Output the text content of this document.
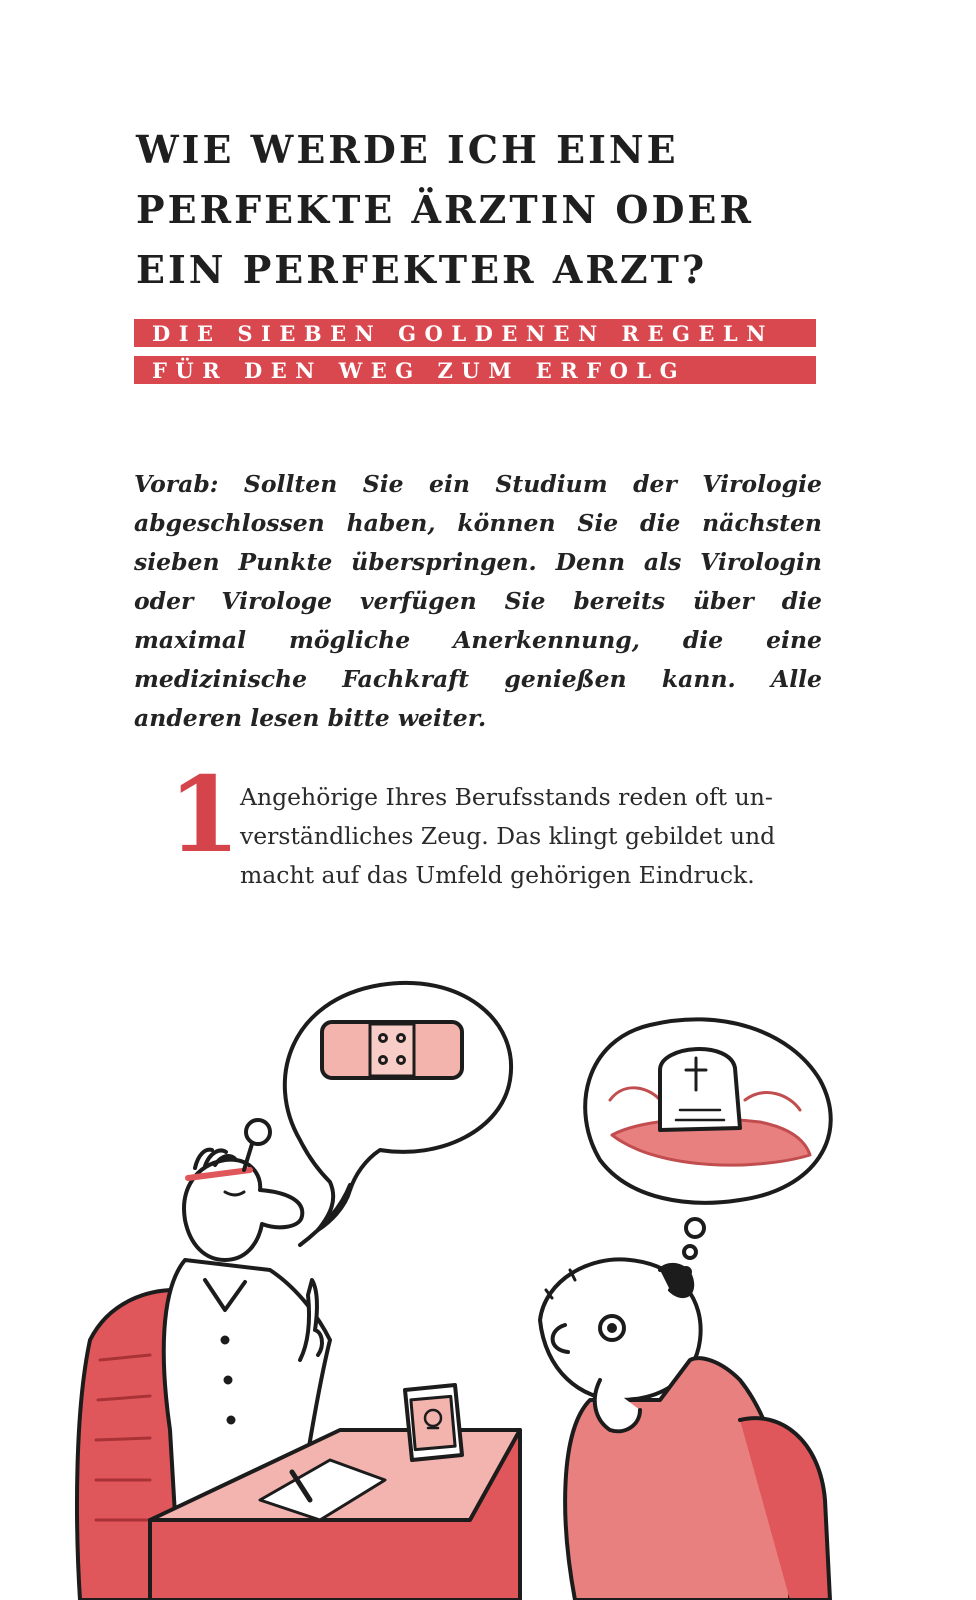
WIE WERDE ICH EINE
PERFEKTE ÄRZTIN ODER
EIN PERFEKTER ARZT?
DIE SIEBEN GOLDENEN REGELN
FÜR DEN WEG ZUM ERFOLG

Vorab: Sollten Sie ein Studium der Virologie abgeschlossen haben, können Sie die nächsten sieben Punkte überspringen. Denn als Virologin oder Virologe verfügen Sie bereits über die maximal mögliche Anerkennung, die eine medizinische Fachkraft genießen kann. Alle anderen lesen bitte weiter.

1 Angehörige Ihres Berufsstands reden oft un-
verständliches Zeug. Das klingt gebildet und
macht auf das Umfeld gehörigen Eindruck.
